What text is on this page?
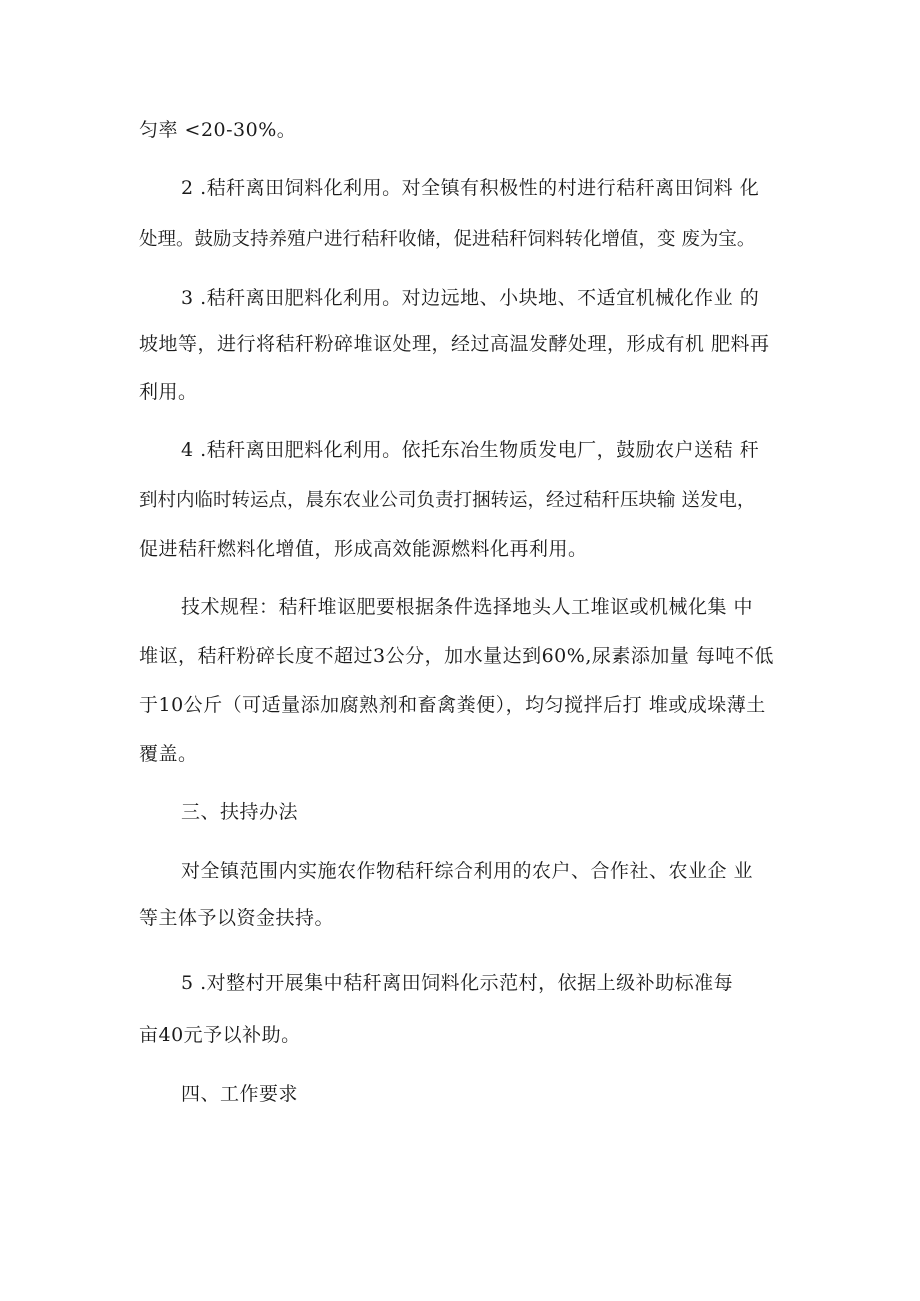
匀率 <20-30%。
2 .秸秆离田饲料化利用。对全镇有积极性的村进行秸秆离田饲料 化
处理。鼓励支持养殖户进行秸秆收储，促进秸秆饲料转化增值，变 废为宝。
3 .秸秆离田肥料化利用。对边远地、小块地、不适宜机械化作业 的
坡地等，进行将秸秆粉碎堆讴处理，经过高温发酵处理，形成有机 肥料再
利用。
4 .秸秆离田肥料化利用。依托东冶生物质发电厂，鼓励农户送秸 秆
到村内临时转运点，晨东农业公司负责打捆转运，经过秸秆压块输 送发电，
促进秸秆燃料化增值，形成高效能源燃料化再利用。
技术规程：秸秆堆讴肥要根据条件选择地头人工堆讴或机械化集 中
堆讴，秸秆粉碎长度不超过3公分，加水量达到60%,尿素添加量 每吨不低
于10公斤（可适量添加腐熟剂和畜禽粪便），均匀搅拌后打 堆或成垛薄土
覆盖。
三、扶持办法
对全镇范围内实施农作物秸秆综合利用的农户、合作社、农业企 业
等主体予以资金扶持。
5 .对整村开展集中秸秆离田饲料化示范村，依据上级补助标准每
亩40元予以补助。
四、工作要求
